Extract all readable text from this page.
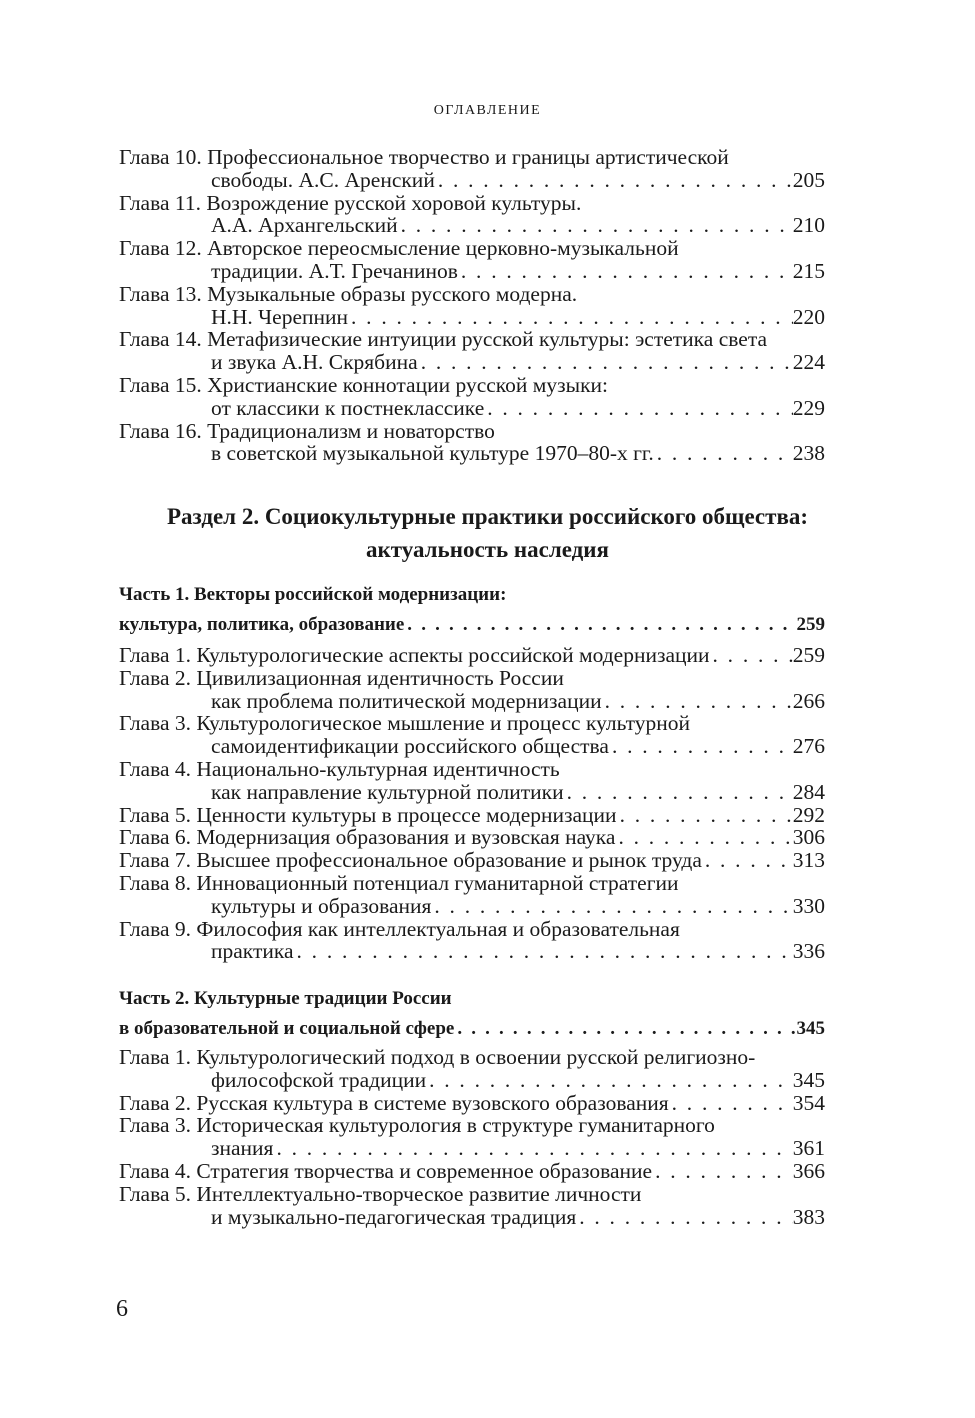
ОГЛАВЛЕНИЕ
Глава 10. Профессиональное творчество и границы артистической
свободы. А.С. Аренский . . .	205
Глава 11. Возрождение русской хоровой культуры.
А.А. Архангельский . . .	210
Глава 12. Авторское переосмысление церковно-музыкальной
традиции. А.Т. Гречанинов . . .	215
Глава 13. Музыкальные образы русского модерна.
Н.Н. Черепнин . . .	220
Глава 14. Метафизические интуиции русской культуры: эстетика света
и звука А.Н. Скрябина . . .	224
Глава 15. Христианские коннотации русской музыки:
от классики к постнеклассике . . .	229
Глава 16. Традиционализм и новаторство
в советской музыкальной культуре 1970–80-х гг. . . .	238
Раздел 2. Социокультурные практики российского общества:
актуальность наследия
Часть 1. Векторы российской модернизации:
культура, политика, образование . . .	259
Глава 1. Культурологические аспекты российской модернизации . . .	259
Глава 2. Цивилизационная идентичность России
как проблема политической модернизации . . .	266
Глава 3. Культурологическое мышление и процесс культурной
самоидентификации российского общества . . .	276
Глава 4. Национально-культурная идентичность
как направление культурной политики . . .	284
Глава 5. Ценности культуры в процессе модернизации . . .	292
Глава 6. Модернизация образования и вузовская наука . . .	306
Глава 7. Высшее профессиональное образование и рынок труда . . .	313
Глава 8. Инновационный потенциал гуманитарной стратегии
культуры и образования . . .	330
Глава 9. Философия как интеллектуальная и образовательная
практика . . .	336
Часть 2. Культурные традиции России
в образовательной и социальной сфере . . .	345
Глава 1. Культурологический подход в освоении русской религиозно-
философской традиции . . .	345
Глава 2. Русская культура в системе вузовского образования . . .	354
Глава 3. Историческая культурология в структуре гуманитарного
знания . . .	361
Глава 4. Стратегия творчества и современное образование . . .	366
Глава 5. Интеллектуально-творческое развитие личности
и музыкально-педагогическая традиция . . .	383
6
